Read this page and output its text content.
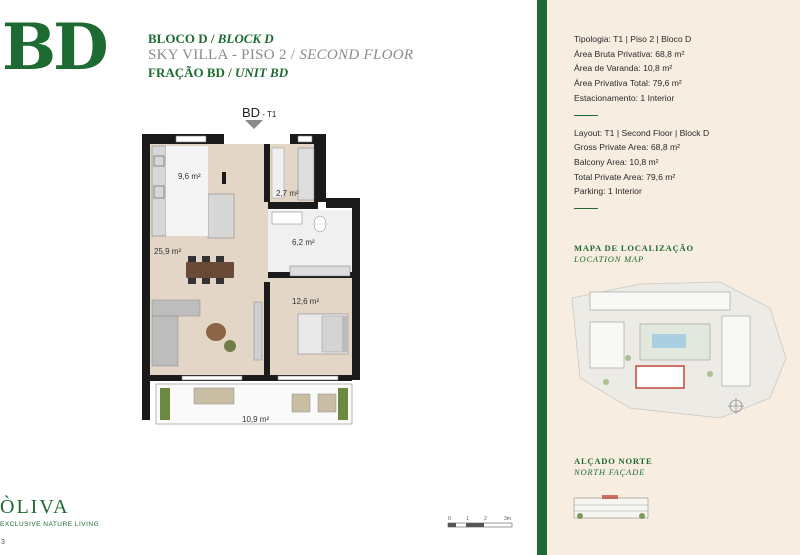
BD	BLOCO D / BLOCK D
SKY VILLA - PISO 2 / SECOND FLOOR
FRAÇÃO BD / UNIT BD
BD - T1
9,6 m²
2,7 m²
6,2 m²
25,9 m²
12,6 m²
10,9 m²
0	1	2	3m
ÒLIVA
EXCLUSIVE NATURE LIVING
3
Tipologia: T1 | Piso 2 | Bloco D
Área Bruta Privativa: 68,8 m²
Área de Varanda: 10,8 m²
Área Privativa Total: 79,6 m²
Estacionamento: 1 Interior
Layout: T1 | Second Floor | Block D
Gross Private Area: 68,8 m²
Balcony Area: 10,8 m²
Total Private Area: 79,6 m²
Parking: 1 Interior
MAPA DE LOCALIZAÇÃO
LOCATION MAP
ALÇADO NORTE
NORTH FAÇADE
